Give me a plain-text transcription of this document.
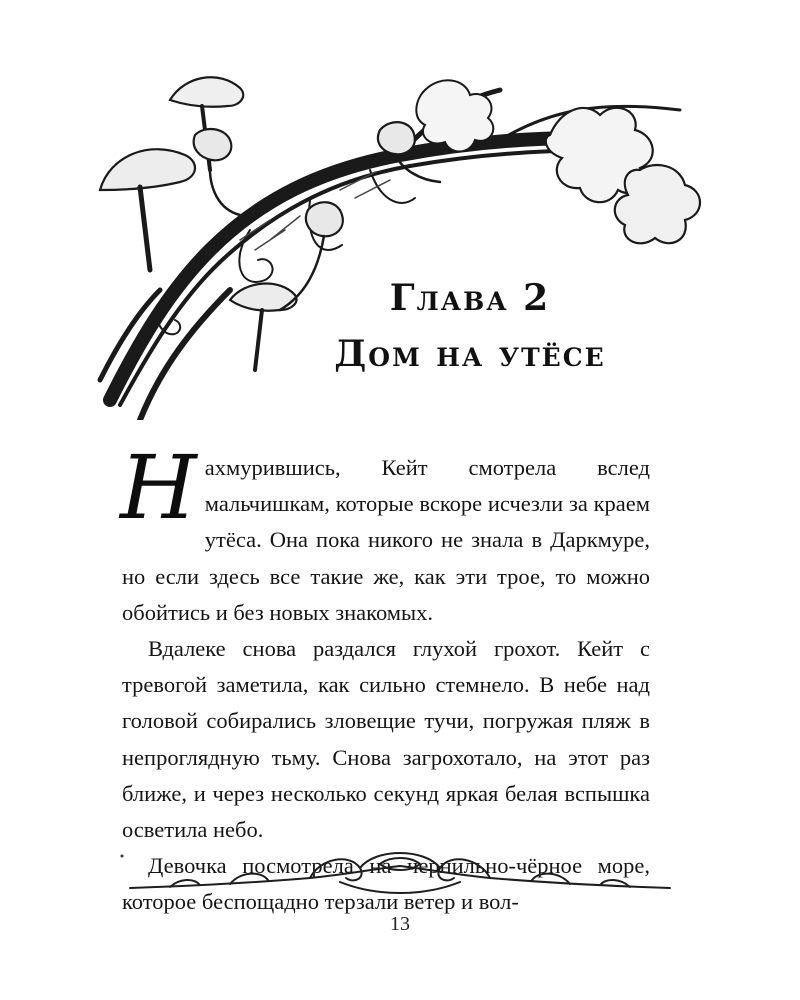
Глава 2
Дом на утёсе

Нахмурившись, Кейт смотрела вслед мальчишкам, которые вскоре исчезли за краем утёса. Она пока никого не знала в Даркмуре, но если здесь все такие же, как эти трое, то можно обойтись и без новых знакомых.

Вдалеке снова раздался глухой грохот. Кейт с тревогой заметила, как сильно стемнело. В небе над головой собирались зловещие тучи, погружая пляж в непроглядную тьму. Снова загрохотало, на этот раз ближе, и через несколько секунд яркая белая вспышка осветила небо.

Девочка посмотрела на чернильно-чёрное море, которое беспощадно терзали ветер и вол-

13
